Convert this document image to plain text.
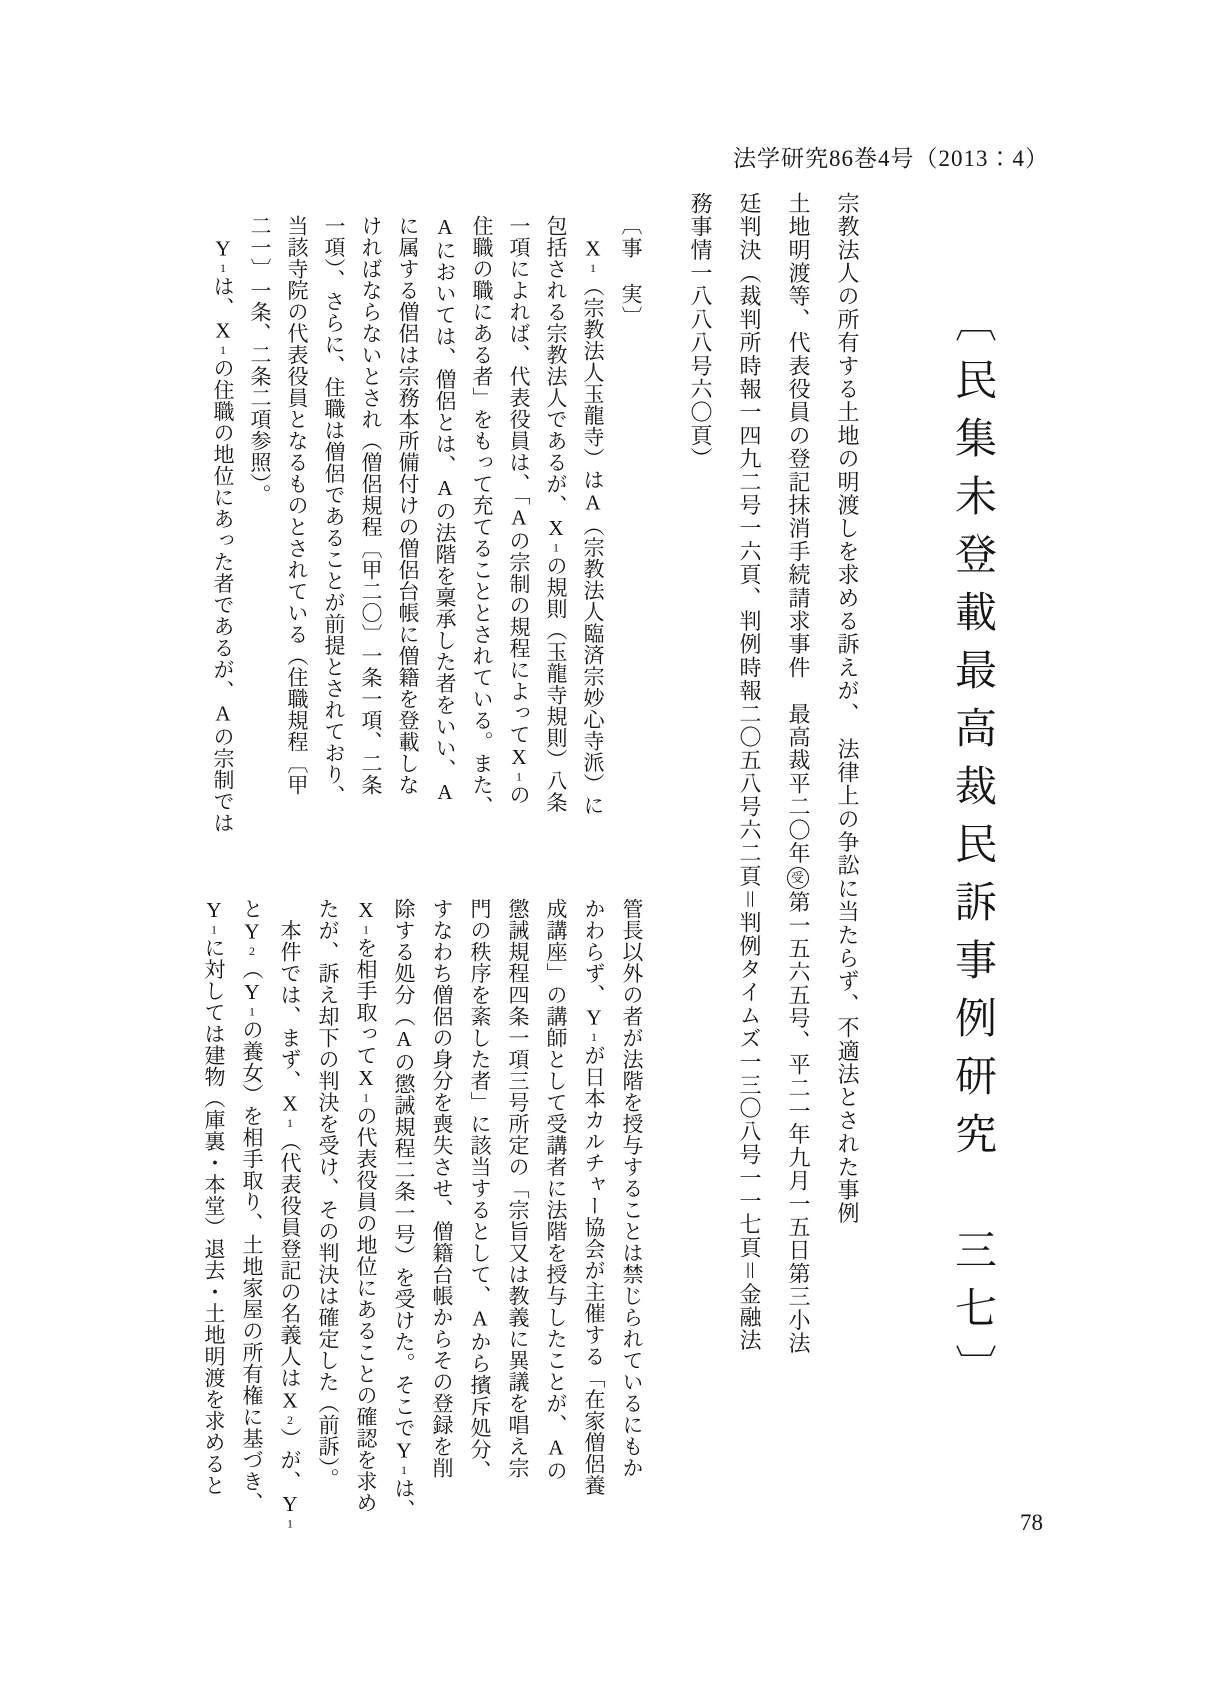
法学研究86巻4号（2013：4）
〔民集未登載最高裁民訴事例研究　三七〕
宗教法人の所有する土地の明渡しを求める訴えが、　法律上の争訟に当たらず、不適法とされた事例
土地明渡等、代表役員の登記抹消手続請求事件　最高裁平二〇年受第一五六五号、平二一年九月一五日第三小法
廷判決（裁判所時報一四九二号一六頁、判例時報二〇五八号六二頁＝判例タイムズ一三〇八号一一七頁＝金融法
務事情一八八八号六〇頁）
〔事　実〕
　X1（宗教法人玉龍寺）はA（宗教法人臨済宗妙心寺派）に
包括される宗教法人であるが、X1の規則（玉龍寺規則）八条
一項によれば、代表役員は、「Aの宗制の規程によってX1の
住職の職にある者」をもって充てることとされている。また、
Aにおいては、僧侶とは、Aの法階を稟承した者をいい、A
に属する僧侶は宗務本所備付けの僧侶台帳に僧籍を登載しな
ければならないとされ（僧侶規程〔甲二〇〕一条一項、二条
一項）、さらに、住職は僧侶であることが前提とされており、
当該寺院の代表役員となるものとされている（住職規程〔甲
二一〕一条、二条二項参照）。
　Y1は、X1の住職の地位にあった者であるが、Aの宗制では
管長以外の者が法階を授与することは禁じられているにもか
かわらず、Y1が日本カルチャー協会が主催する「在家僧侶養
成講座」の講師として受講者に法階を授与したことが、Aの
懲誡規程四条一項三号所定の「宗旨又は教義に異議を唱え宗
門の秩序を紊した者」に該当するとして、Aから擯斥処分、
すなわち僧侶の身分を喪失させ、僧籍台帳からその登録を削
除する処分（Aの懲誡規程二条一号）を受けた。そこでY1は、
X1を相手取ってX1の代表役員の地位にあることの確認を求め
たが、訴え却下の判決を受け、その判決は確定した（前訴）。
　本件では、まず、X1（代表役員登記の名義人はX2）が、Y1
とY2（Y1の養女）を相手取り、土地家屋の所有権に基づき、
Y1に対しては建物（庫裏・本堂）退去・土地明渡を求めると
78
